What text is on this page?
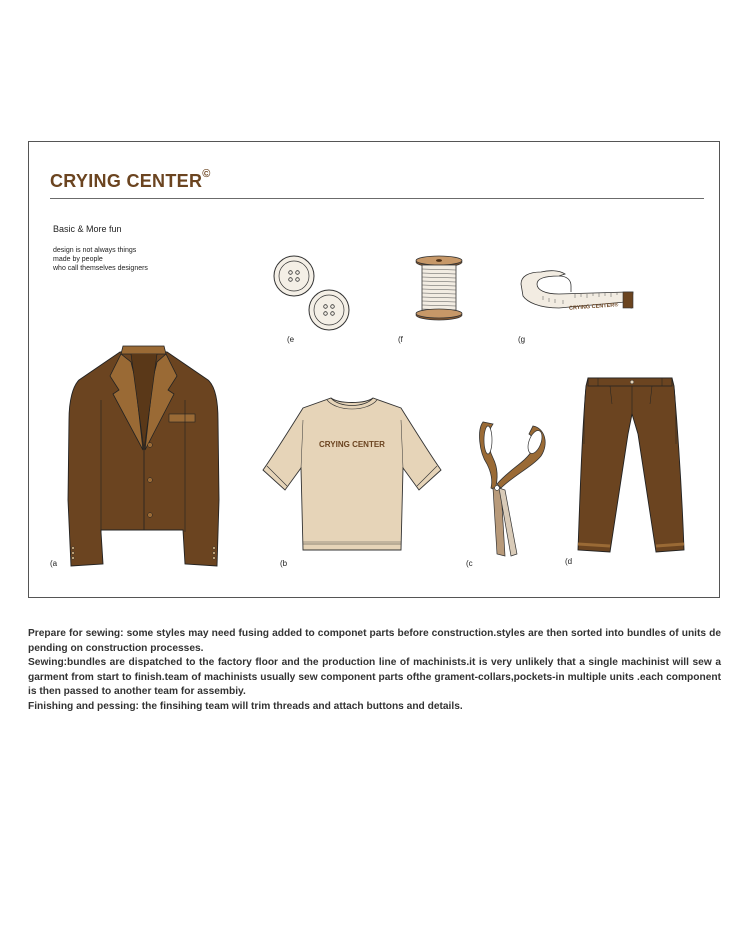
CRYING CENTER©
Basic & More fun
design is not always things
made by people
who call themselves designers
(e	(f
CRYING CENTER®
(g
(a
CRYING CENTER
(b	(c	(d

Prepare for sewing: some styles may need fusing added to componet parts before construction.styles are then sorted into bundles of units de pending on construction processes.

Sewing:bundles are dispatched to the factory floor and the production line of machinists.it is very unlikely that a single machinist will sew a garment from start to finish.team of machinists usually sew component parts ofthe grament-collars,pockets-in multiple units .each component is then passed to another team for assembiy.

Finishing and pessing: the finsihing team will trim threads and attach buttons and details.
